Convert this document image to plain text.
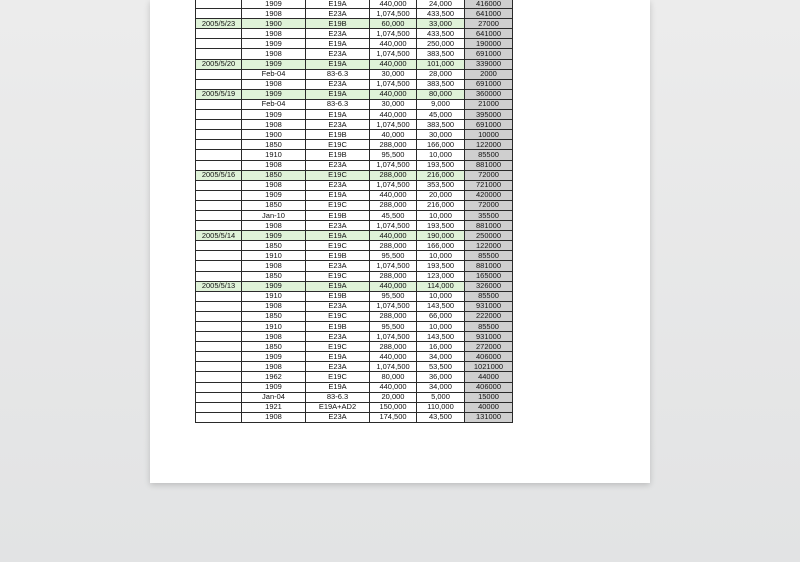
	1909	E19A	440,000	24,000	416000
	1908	E23A	1,074,500	433,500	641000
2005/5/23	1900	E19B	60,000	33,000	27000
	1908	E23A	1,074,500	433,500	641000
	1909	E19A	440,000	250,000	190000
	1908	E23A	1,074,500	383,500	691000
2005/5/20	1909	E19A	440,000	101,000	339000
	Feb-04	83-6.3	30,000	28,000	2000
	1908	E23A	1,074,500	383,500	691000
2005/5/19	1909	E19A	440,000	80,000	360000
	Feb-04	83-6.3	30,000	9,000	21000
	1909	E19A	440,000	45,000	395000
	1908	E23A	1,074,500	383,500	691000
	1900	E19B	40,000	30,000	10000
	1850	E19C	288,000	166,000	122000
	1910	E19B	95,500	10,000	85500
	1908	E23A	1,074,500	193,500	881000
2005/5/16	1850	E19C	288,000	216,000	72000
	1908	E23A	1,074,500	353,500	721000
	1909	E19A	440,000	20,000	420000
	1850	E19C	288,000	216,000	72000
	Jan-10	E19B	45,500	10,000	35500
	1908	E23A	1,074,500	193,500	881000
2005/5/14	1909	E19A	440,000	190,000	250000
	1850	E19C	288,000	166,000	122000
	1910	E19B	95,500	10,000	85500
	1908	E23A	1,074,500	193,500	881000
	1850	E19C	288,000	123,000	165000
2005/5/13	1909	E19A	440,000	114,000	326000
	1910	E19B	95,500	10,000	85500
	1908	E23A	1,074,500	143,500	931000
	1850	E19C	288,000	66,000	222000
	1910	E19B	95,500	10,000	85500
	1908	E23A	1,074,500	143,500	931000
	1850	E19C	288,000	16,000	272000
	1909	E19A	440,000	34,000	406000
	1908	E23A	1,074,500	53,500	1021000
	1962	E19C	80,000	36,000	44000
	1909	E19A	440,000	34,000	406000
	Jan-04	83-6.3	20,000	5,000	15000
	1921	E19A+AD2	150,000	110,000	40000
	1908	E23A	174,500	43,500	131000
